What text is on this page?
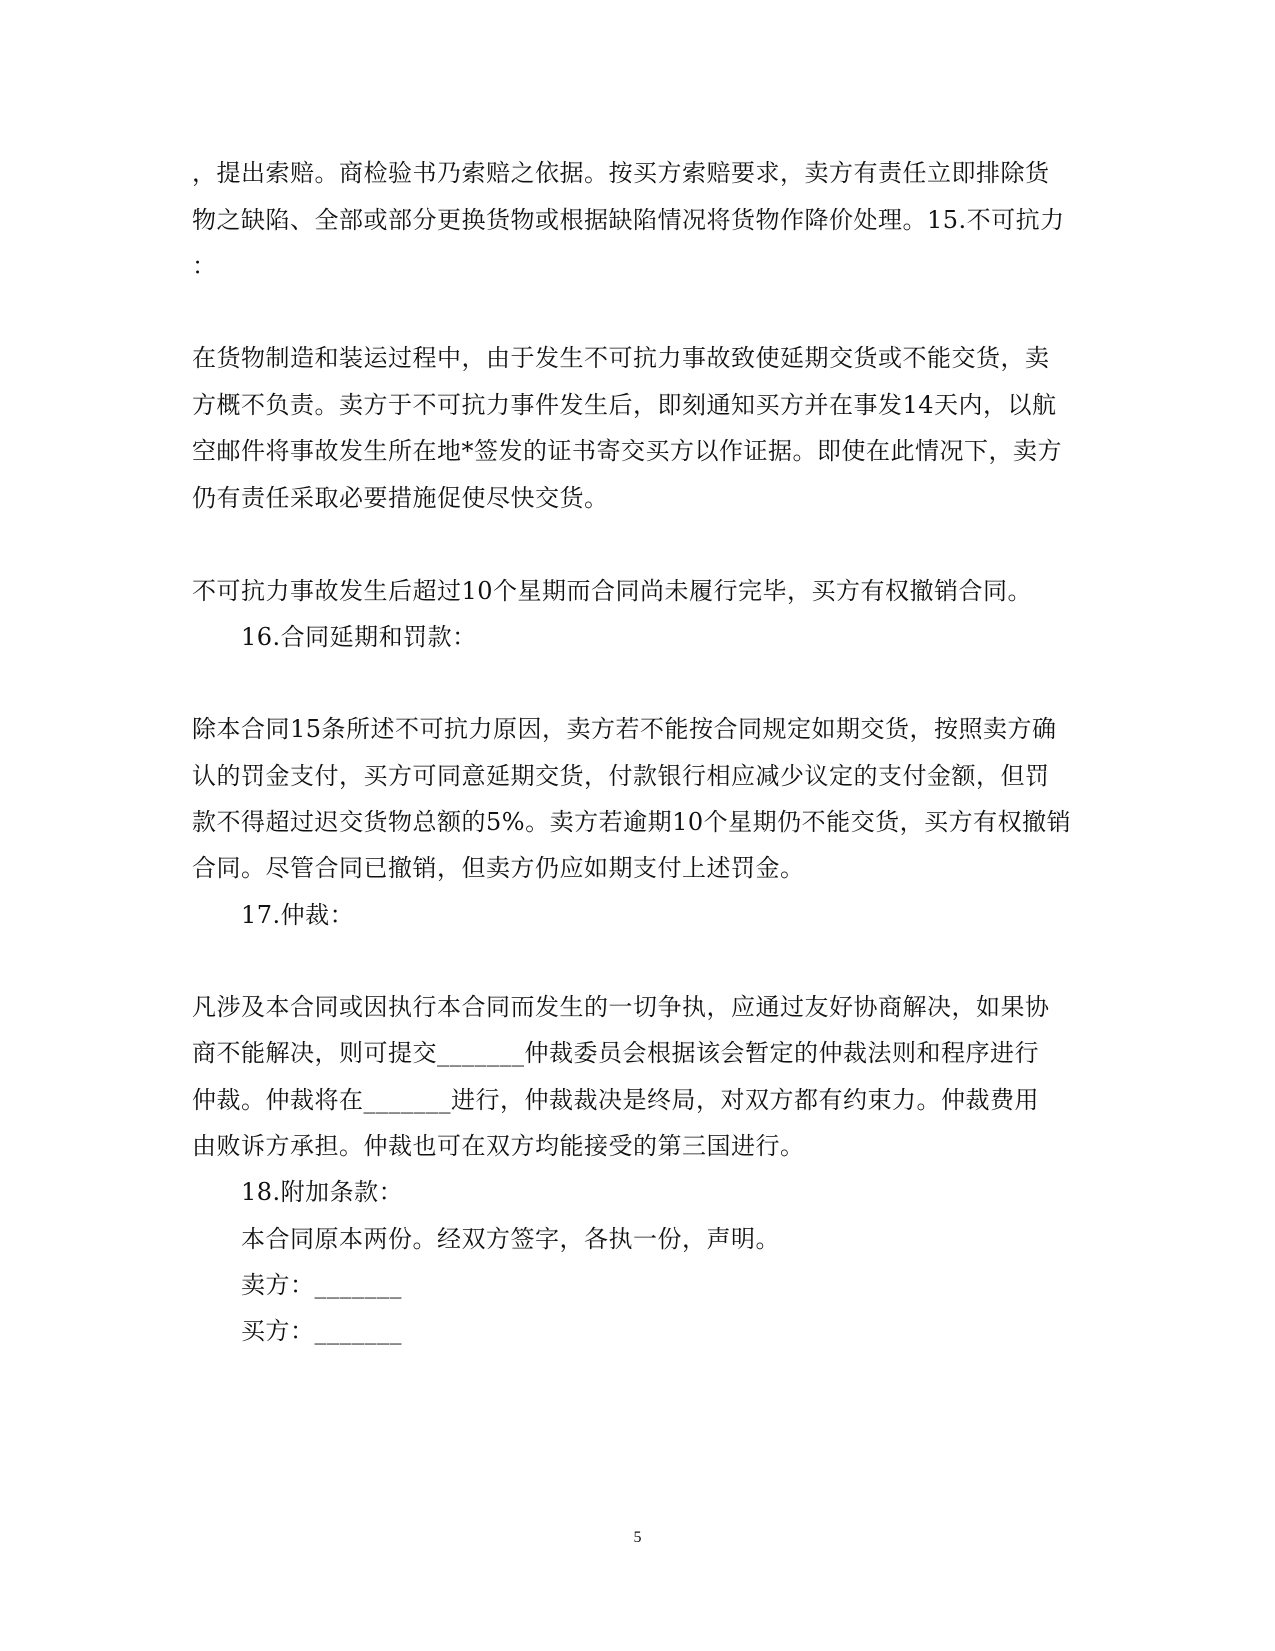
，提出索赔。商检验书乃索赔之依据。按买方索赔要求，卖方有责任立即排除货
物之缺陷、全部或部分更换货物或根据缺陷情况将货物作降价处理。15.不可抗力
：
在货物制造和装运过程中，由于发生不可抗力事故致使延期交货或不能交货，卖
方概不负责。卖方于不可抗力事件发生后，即刻通知买方并在事发14天内，以航
空邮件将事故发生所在地*签发的证书寄交买方以作证据。即使在此情况下，卖方
仍有责任采取必要措施促使尽快交货。
不可抗力事故发生后超过10个星期而合同尚未履行完毕，买方有权撤销合同。
16.合同延期和罚款：
除本合同15条所述不可抗力原因，卖方若不能按合同规定如期交货，按照卖方确
认的罚金支付，买方可同意延期交货，付款银行相应减少议定的支付金额，但罚
款不得超过迟交货物总额的5%。卖方若逾期10个星期仍不能交货，买方有权撤销
合同。尽管合同已撤销，但卖方仍应如期支付上述罚金。
17.仲裁：
凡涉及本合同或因执行本合同而发生的一切争执，应通过友好协商解决，如果协
商不能解决，则可提交_______仲裁委员会根据该会暂定的仲裁法则和程序进行
仲裁。仲裁将在_______进行，仲裁裁决是终局，对双方都有约束力。仲裁费用
由败诉方承担。仲裁也可在双方均能接受的第三国进行。
18.附加条款：
本合同原本两份。经双方签字，各执一份，声明。
卖方：_______
买方：_______
5
